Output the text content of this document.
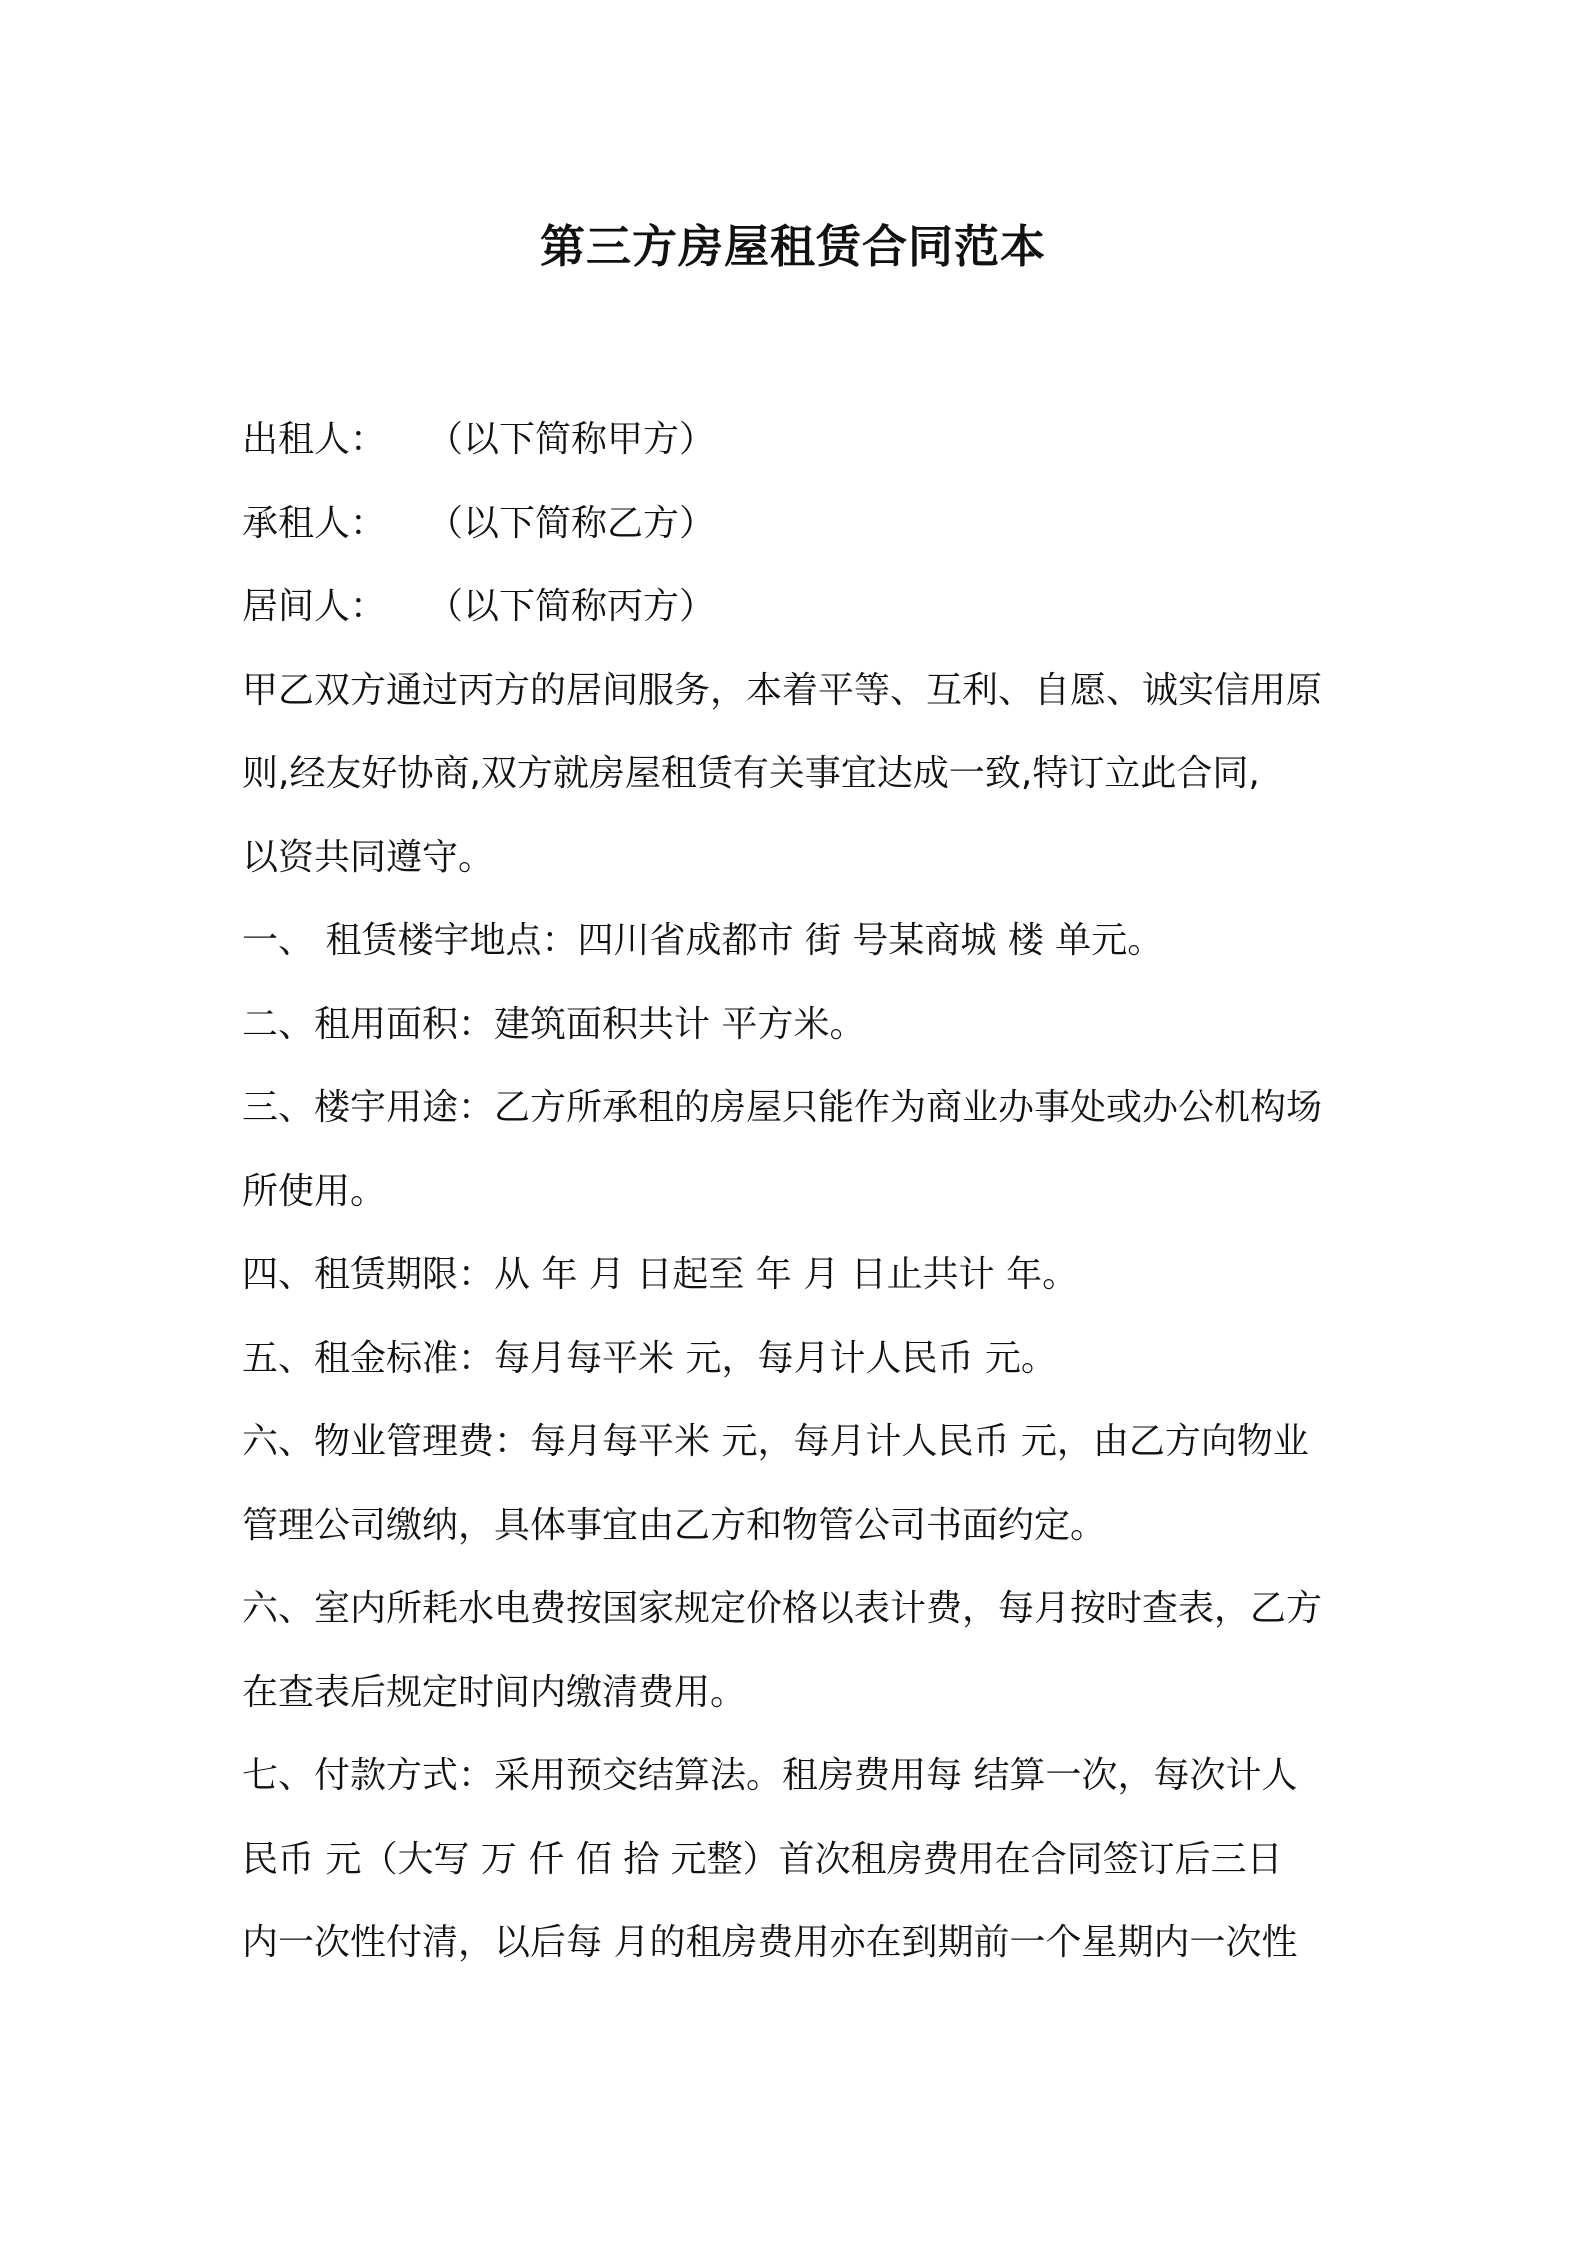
第三方房屋租赁合同范本
出租人：	（以下简称甲方）
承租人：	（以下简称乙方）
居间人：	（以下简称丙方）
甲乙双方通过丙方的居间服务，本着平等、互利、自愿、诚实信用原
则,经友好协商,双方就房屋租赁有关事宜达成一致,特订立此合同,
以资共同遵守。
一、 租赁楼宇地点：四川省成都市 街 号某商城 楼 单元。
二、租用面积：建筑面积共计 平方米。
三、楼宇用途：乙方所承租的房屋只能作为商业办事处或办公机构场
所使用。
四、租赁期限：从 年 月 日起至 年 月 日止共计 年。
五、租金标准：每月每平米 元，每月计人民币 元。
六、物业管理费：每月每平米 元，每月计人民币 元，由乙方向物业
管理公司缴纳，具体事宜由乙方和物管公司书面约定。
六、室内所耗水电费按国家规定价格以表计费，每月按时查表，乙方
在查表后规定时间内缴清费用。
七、付款方式：采用预交结算法。租房费用每 结算一次，每次计人
民币 元（大写 万 仟 佰 拾 元整）首次租房费用在合同签订后三日
内一次性付清，以后每 月的租房费用亦在到期前一个星期内一次性
